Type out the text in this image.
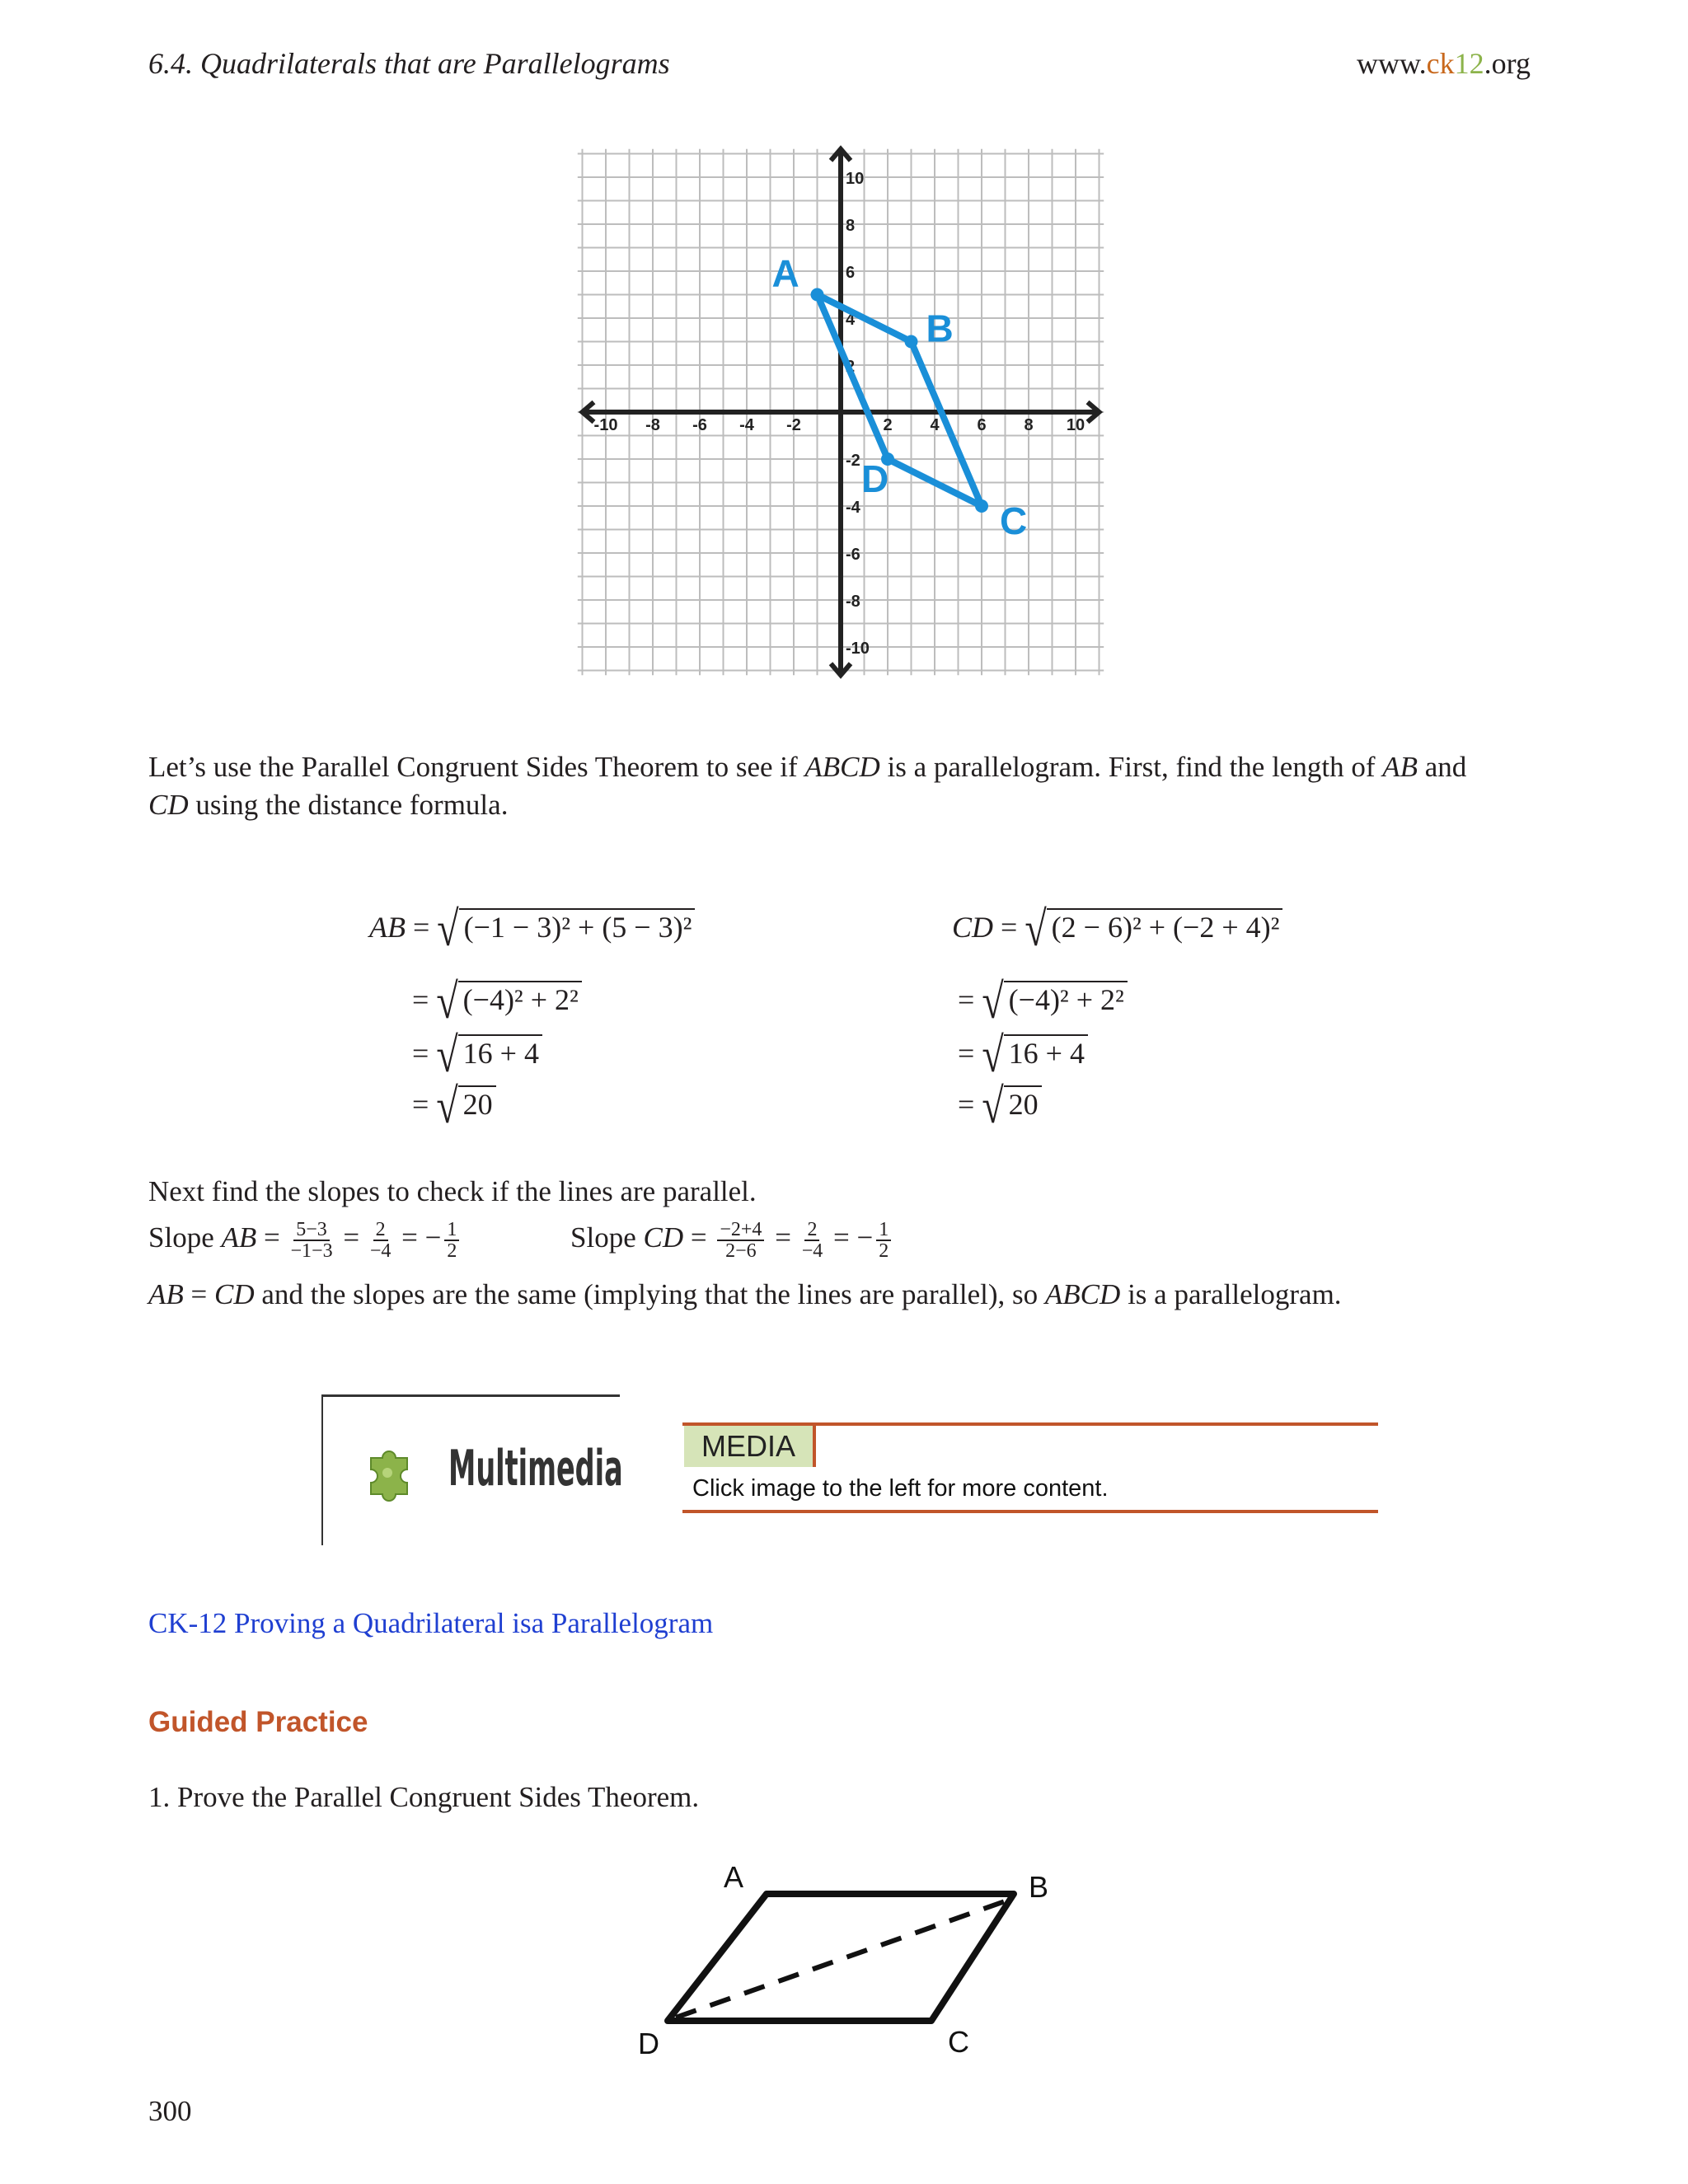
6.4. Quadrilaterals that are Parallelograms	www.ck12.org
-10 -8 -6 -4 -2	2 4 6 8 10
10
8
6
4
2
-2
-4
-6
-8
-10
A
B
C
D
Let’s use the Parallel Congruent Sides Theorem to see if ABCD is a parallelogram. First, find the length of AB and
CD using the distance formula.
AB = √ (−1 − 3)² + (5 − 3)²
= √ (−4)² + 2²
= √ 16 + 4
= √ 20
CD = √ (2 − 6)² + (−2 + 4)²
= √ (−4)² + 2²
= √ 16 + 4
= √ 20
Next find the slopes to check if the lines are parallel.
Slope AB = $\frac{5-3}{-1-3} = \frac{2}{-4}$ = − $\frac{1}{2}$	Slope CD = $\frac{-2+4}{2-6} = \frac{2}{-4}$ = − $\frac{1}{2}$
AB = CD and the slopes are the same (implying that the lines are parallel), so ABCD is a parallelogram.
Multimedia	MEDIA
Click image to the left for more content.
CK-12 Proving a Quadrilateral isa Parallelogram
Guided Practice
1. Prove the Parallel Congruent Sides Theorem.
A	B
C
D
300
